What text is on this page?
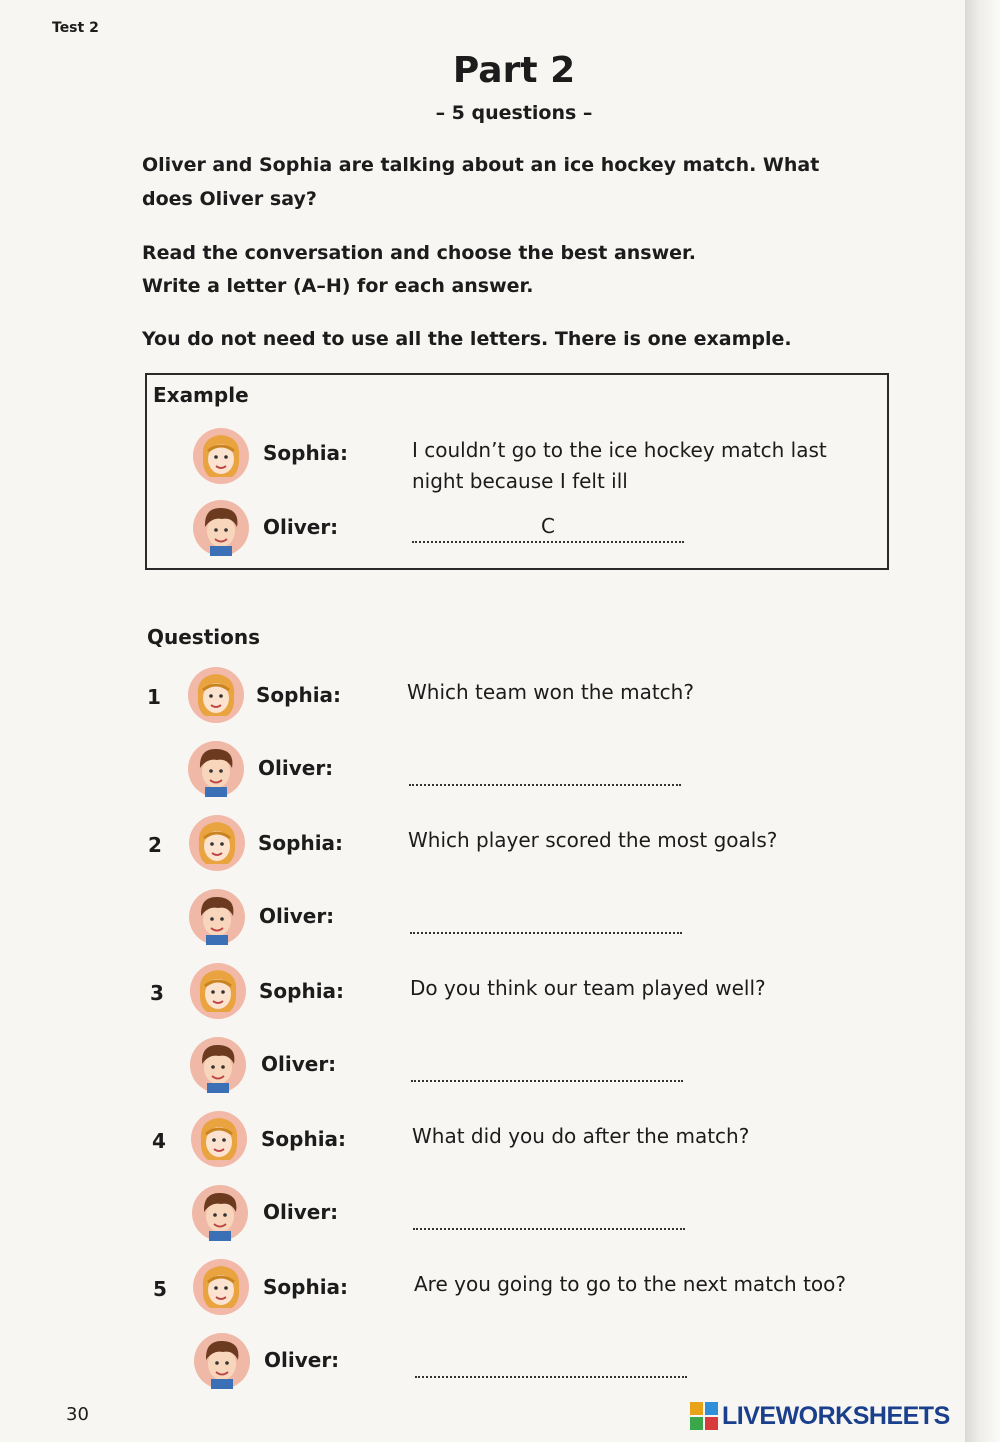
Test 2
Part 2
– 5 questions –
Oliver and Sophia are talking about an ice hockey match. What does Oliver say?
Read the conversation and choose the best answer.
Write a letter (A–H) for each answer.
You do not need to use all the letters. There is one example.
Example
Sophia:	I couldn’t go to the ice hockey match last night because I felt ill
Oliver:	C
Questions
1	Sophia:	Which team won the match?
Oliver:
2	Sophia:	Which player scored the most goals?
Oliver:
3	Sophia:	Do you think our team played well?
Oliver:
4	Sophia:	What did you do after the match?
Oliver:
5	Sophia:	Are you going to go to the next match too?
Oliver:
30	LIVEWORKSHEETS
